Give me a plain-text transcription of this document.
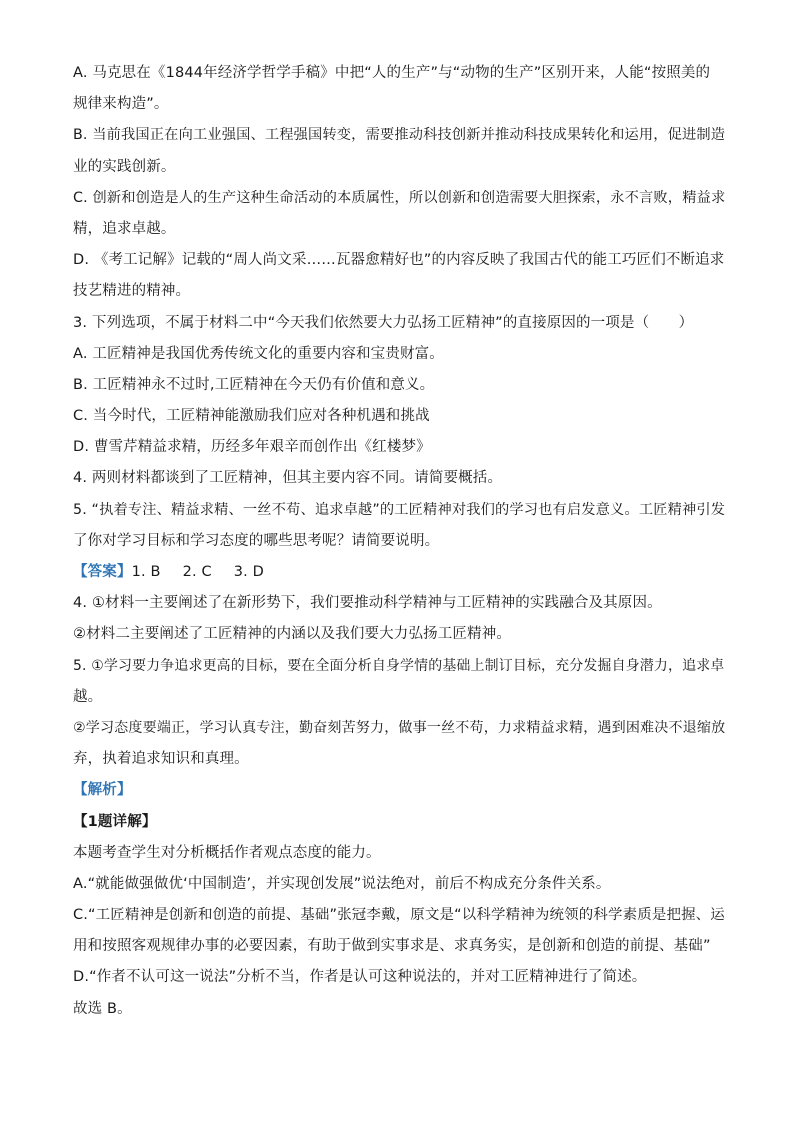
A. 马克思在《1844年经济学哲学手稿》中把“人的生产”与“动物的生产”区别开来，人能“按照美的
规律来构造”。
B. 当前我国正在向工业强国、工程强国转变，需要推动科技创新并推动科技成果转化和运用，促进制造
业的实践创新。
C. 创新和创造是人的生产这种生命活动的本质属性，所以创新和创造需要大胆探索，永不言败，精益求
精，追求卓越。
D. 《考工记解》记载的“周人尚文采……瓦器愈精好也”的内容反映了我国古代的能工巧匠们不断追求
技艺精进的精神。
3. 下列选项，不属于材料二中“今天我们依然要大力弘扬工匠精神”的直接原因的一项是（　　）
A. 工匠精神是我国优秀传统文化的重要内容和宝贵财富。
B. 工匠精神永不过时,工匠精神在今天仍有价值和意义。
C. 当今时代，工匠精神能激励我们应对各种机遇和挑战
D. 曹雪芹精益求精，历经多年艰辛而创作出《红楼梦》
4. 两则材料都谈到了工匠精神，但其主要内容不同。请简要概括。
5. “执着专注、精益求精、一丝不苟、追求卓越”的工匠精神对我们的学习也有启发意义。工匠精神引发
了你对学习目标和学习态度的哪些思考呢？请简要说明。
【答案】1. B 2. C 3. D
4. ①材料一主要阐述了在新形势下，我们要推动科学精神与工匠精神的实践融合及其原因。
②材料二主要阐述了工匠精神的内涵以及我们要大力弘扬工匠精神。
5. ①学习要力争追求更高的目标，要在全面分析自身学情的基础上制订目标，充分发掘自身潜力，追求卓
越。
②学习态度要端正，学习认真专注，勤奋刻苦努力，做事一丝不苟，力求精益求精，遇到困难决不退缩放
弃，执着追求知识和真理。
【解析】
【1题详解】
本题考查学生对分析概括作者观点态度的能力。
A.“就能做强做优‘中国制造’，并实现创发展”说法绝对，前后不构成充分条件关系。
C.“工匠精神是创新和创造的前提、基础”张冠李戴，原文是“以科学精神为统领的科学素质是把握、运
用和按照客观规律办事的必要因素，有助于做到实事求是、求真务实，是创新和创造的前提、基础”
D.“作者不认可这一说法”分析不当，作者是认可这种说法的，并对工匠精神进行了简述。
故选 B。
